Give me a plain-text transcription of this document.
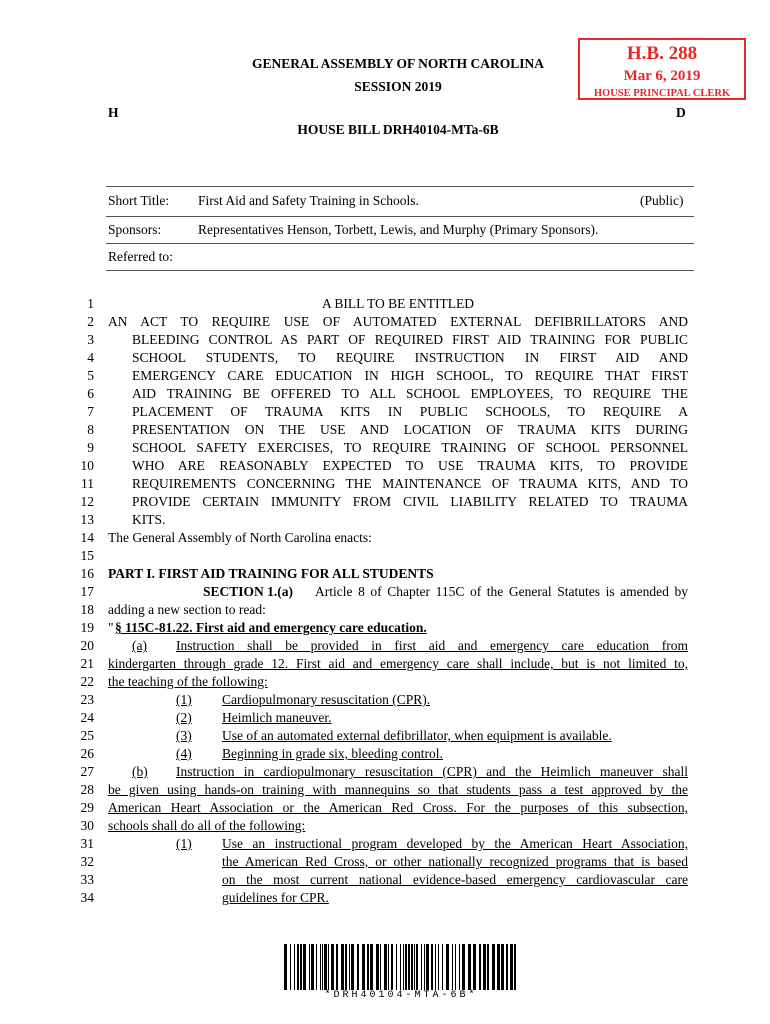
H.B. 288
Mar 6, 2019
HOUSE PRINCIPAL CLERK
GENERAL ASSEMBLY OF NORTH CAROLINA
SESSION 2019
H	D
HOUSE BILL DRH40104-MTa-6B
Short Title: First Aid and Safety Training in Schools.	(Public)
Sponsors:	Representatives Henson, Torbett, Lewis, and Murphy (Primary Sponsors).
Referred to:
1
2
3
4
5
6
7
8
9
10
11
12
13
14
15
16
17
18
19
20
21
22
23
24
25
26
27
28
29
30
31
32
33
34
A BILL TO BE ENTITLED
AN ACT TO REQUIRE USE OF AUTOMATED EXTERNAL DEFIBRILLATORS AND
BLEEDING CONTROL AS PART OF REQUIRED FIRST AID TRAINING FOR PUBLIC
SCHOOL STUDENTS, TO REQUIRE INSTRUCTION IN FIRST AID AND
EMERGENCY CARE EDUCATION IN HIGH SCHOOL, TO REQUIRE THAT FIRST
AID TRAINING BE OFFERED TO ALL SCHOOL EMPLOYEES, TO REQUIRE THE
PLACEMENT OF TRAUMA KITS IN PUBLIC SCHOOLS, TO REQUIRE A
PRESENTATION ON THE USE AND LOCATION OF TRAUMA KITS DURING
SCHOOL SAFETY EXERCISES, TO REQUIRE TRAINING OF SCHOOL PERSONNEL
WHO ARE REASONABLY EXPECTED TO USE TRAUMA KITS, TO PROVIDE
REQUIREMENTS CONCERNING THE MAINTENANCE OF TRAUMA KITS, AND TO
PROVIDE CERTAIN IMMUNITY FROM CIVIL LIABILITY RELATED TO TRAUMA
KITS.
The General Assembly of North Carolina enacts:
PART I. FIRST AID TRAINING FOR ALL STUDENTS
SECTION 1.(a)	Article 8 of Chapter 115C of the General Statutes is amended by
adding a new section to read:
" § 115C-81.22. First aid and emergency care education.
(a)	Instruction shall be provided in first aid and emergency care education from
kindergarten through grade 12. First aid and emergency care shall include, but is not limited to,
the teaching of the following:
(1)	Cardiopulmonary resuscitation (CPR).
(2)	Heimlich maneuver.
(3)	Use of an automated external defibrillator, when equipment is available.
(4)	Beginning in grade six, bleeding control.
(b)	Instruction in cardiopulmonary resuscitation (CPR) and the Heimlich maneuver shall
be given using hands-on training with mannequins so that students pass a test approved by the
American Heart Association or the American Red Cross. For the purposes of this subsection,
schools shall do all of the following:
(1)	Use an instructional program developed by the American Heart Association,
the American Red Cross, or other nationally recognized programs that is based
on the most current national evidence-based emergency cardiovascular care
guidelines for CPR.
*DRH40104-MTA-6B*
